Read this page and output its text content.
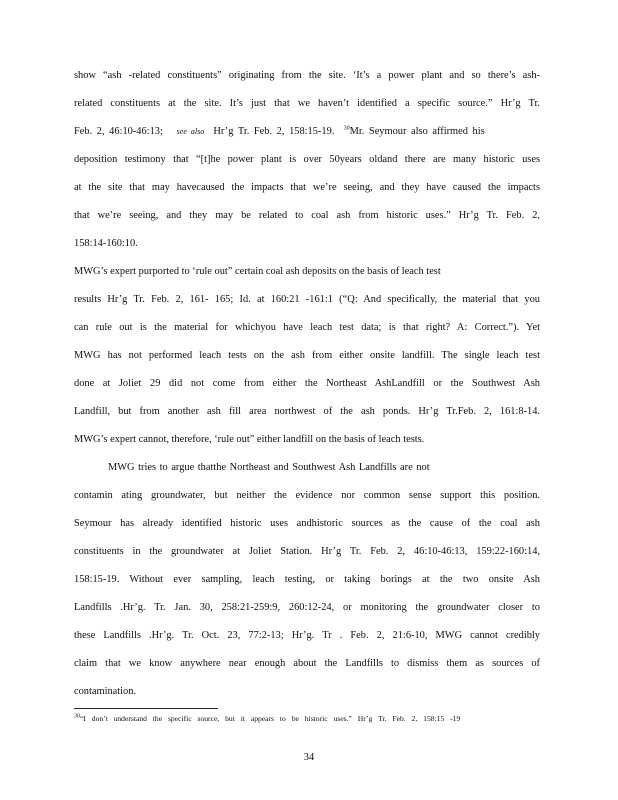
show “ash -related constituents” originating from the site. ‘It’s a power plant and so there’s ash-
related constituents at the site. It’s just that we haven’t identified a specific source.” Hr’g Tr.
Feb. 2, 46:10-46:13; see also Hr’g Tr. Feb. 2, 158:15-19. $^{30}$Mr. Seymour also affirmed his
deposition testimony that “[t]he power plant is over 50years oldand there are many historic uses
at the site that may havecaused the impacts that we’re seeing, and they have caused the impacts
that we’re seeing, and they may be related to coal ash from historic uses.” Hr’g Tr. Feb. 2,
158:14-160:10.
MWG’s expert purported to ‘rule out” certain coal ash deposits on the basis of leach test
results Hr’g Tr. Feb. 2, 161- 165; Id. at 160:21 -161:1 (“Q: And specifically, the material that you
can rule out is the material for whichyou have leach test data; is that right? A: Correct.”). Yet
MWG has not performed leach tests on the ash from either onsite landfill. The single leach test
done at Joliet 29 did not come from either the Northeast AshLandfill or the Southwest Ash
Landfill, but from another ash fill area northwest of the ash ponds. Hr’g Tr.Feb. 2, 161:8-14.
MWG’s expert cannot, therefore, ‘rule out” either landfill on the basis of leach tests.
MWG tries to argue thatthe Northeast and Southwest Ash Landfills are not
contamin ating groundwater, but neither the evidence nor common sense support this position.
Seymour has already identified historic uses andhistoric sources as the cause of the coal ash
constituents in the groundwater at Joliet Station. Hr’g Tr. Feb. 2, 46:10-46:13, 159:22-160:14,
158:15-19. Without ever sampling, leach testing, or taking borings at the two onsite Ash
Landfills .Hr’g. Tr. Jan. 30, 258:21-259:9, 260:12-24, or monitoring the groundwater closer to
these Landfills .Hr’g. Tr. Oct. 23, 77:2-13; Hr’g. Tr . Feb. 2, 21:6-10, MWG cannot credibly
claim that we know anywhere near enough about the Landfills to dismiss them as sources of
contamination.
$^{30}$“I don’t understand the specific source, but it appears to be historic uses.” Hr’g Tr. Feb. 2, 158:15 -19
34
